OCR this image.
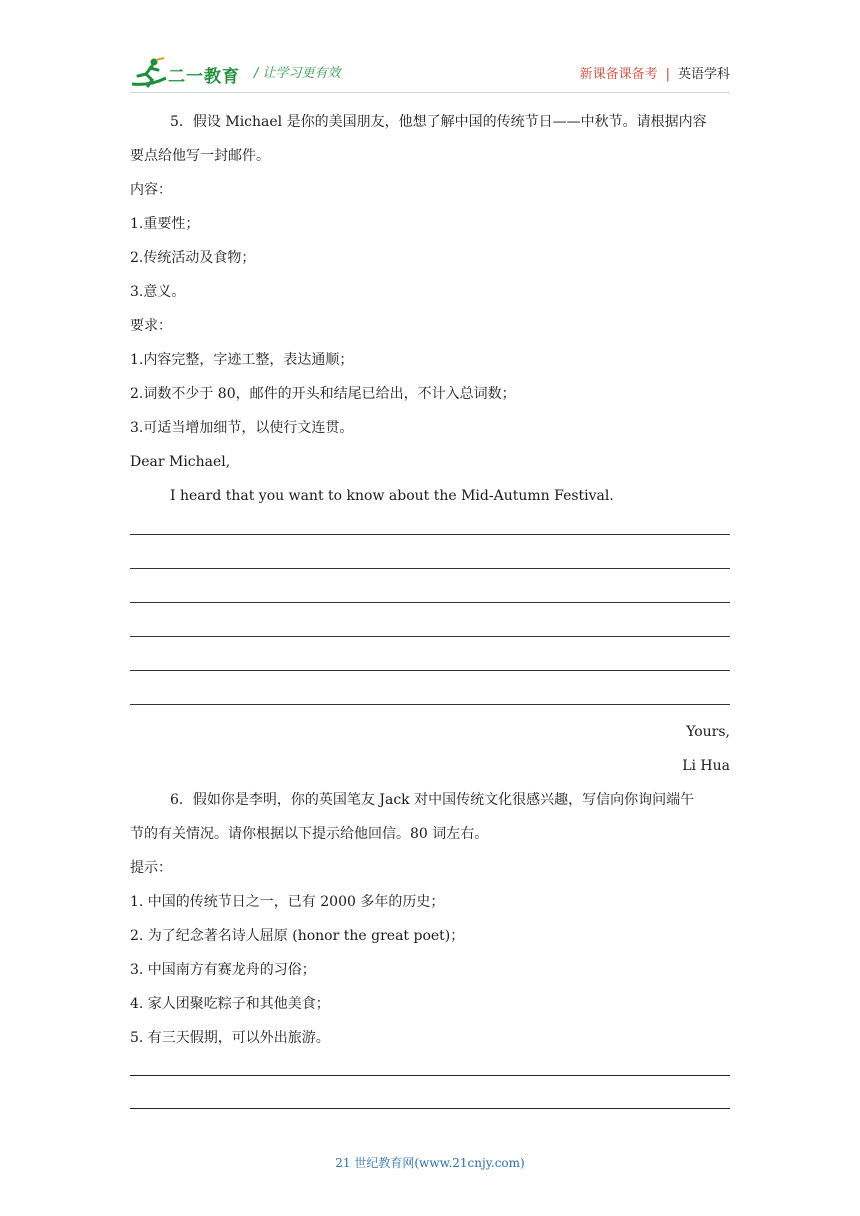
二一教育 / 让学习更有效	新课备课备考 | 英语学科
5．假设 Michael 是你的美国朋友，他想了解中国的传统节日——中秋节。请根据内容
要点给他写一封邮件。
内容：
1.重要性；
2.传统活动及食物；
3.意义。
要求：
1.内容完整，字迹工整，表达通顺；
2.词数不少于 80，邮件的开头和结尾已给出，不计入总词数；
3.可适当增加细节，以使行文连贯。
Dear Michael,
I heard that you want to know about the Mid-Autumn Festival.
Yours,
Li Hua
6．假如你是李明，你的英国笔友 Jack 对中国传统文化很感兴趣，写信向你询问端午
节的有关情况。请你根据以下提示给他回信。80 词左右。
提示：
1. 中国的传统节日之一，已有 2000 多年的历史；
2. 为了纪念著名诗人屈原 (honor the great poet)；
3. 中国南方有赛龙舟的习俗；
4. 家人团聚吃粽子和其他美食；
5. 有三天假期，可以外出旅游。
21 世纪教育网(www.21cnjy.com)
